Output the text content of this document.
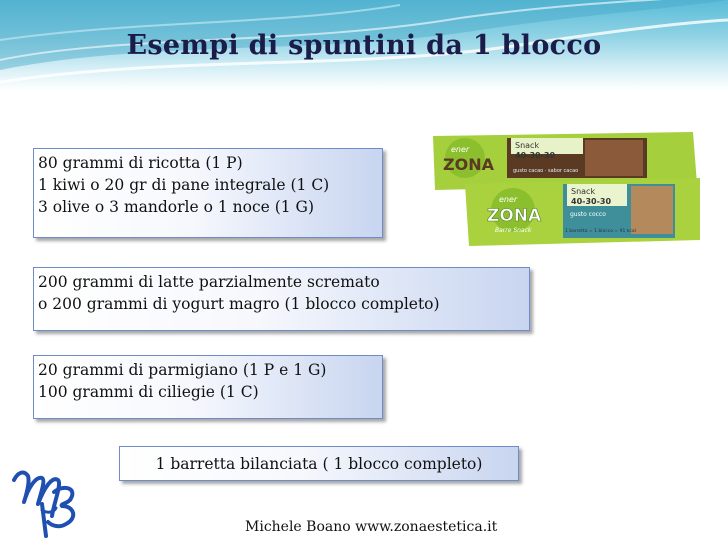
Esempi di spuntini da 1 blocco
80 grammi di ricotta (1 P)
1 kiwi o 20 gr di pane integrale (1 C)
3 olive o 3 mandorle o 1 noce (1 G)
200 grammi di latte parzialmente scremato
o 200 grammi di yogurt magro (1 blocco completo)
20 grammi di parmigiano (1 P e 1 G)
100 grammi di ciliegie (1 C)
1 barretta bilanciata ( 1 blocco completo)
ener
ZONA
Snack
40-30-30
gusto cacao · sabor cacao
ener
ZONA
Barre Snack
Snack
40-30-30
gusto cocco
1 barretta = 1 blocco = 91 kcal
Michele Boano www.zonaestetica.it
